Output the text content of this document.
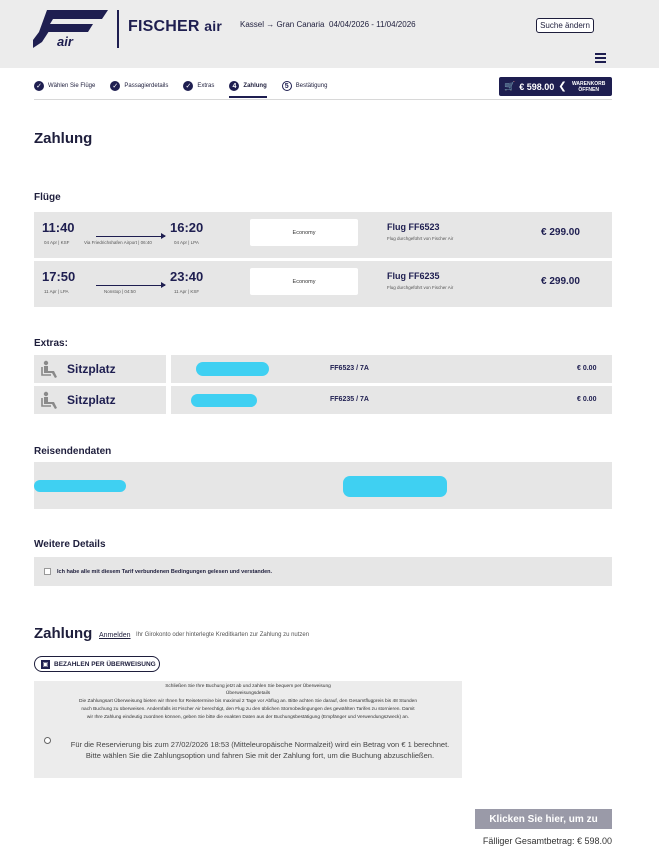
air
FISCHER air Kassel → Gran Canaria 04/04/2026 - 11/04/2026	Suche ändern
✓	Wählen Sie Flüge ✓	Passagierdetails ✓	Extras	4	Zahlung	5	Bestätigung	🛒 € 598.00 ❮	WARENKORB
ÖFFNEN
Zahlung
Flüge
11:40
04 Apr | KSF	Via Friedrichshafen Airport | 06:40
16:20
04 Apr | LPA
Economy
Flug FF6523
Flug durchgeführt von Fischer Air
€ 299.00
17:50
11 Apr | LPA	Nonstop | 04:50
23:40
11 Apr | KSF
Economy
Flug FF6235
Flug durchgeführt von Fischer Air
€ 299.00
Extras:
Sitzplatz	FF6523 / 7A	€ 0.00
Sitzplatz	FF6235 / 7A	€ 0.00
Reisendendaten
Weitere Details
Ich habe alle mit diesem Tarif verbundenen Bedingungen gelesen und verstanden.
Zahlung Anmelden Ihr Girokonto oder hinterlegte Kreditkarten zur Zahlung zu nutzen
▣ BEZAHLEN PER ÜBERWEISUNG
Schließen Sie Ihre Buchung jetzt ab und zahlen Sie bequem per Überweisung
Überweisungsdetails
Die Zahlungsart Überweisung bieten wir Ihnen für Reisetermine bis maximal 2 Tage vor Abflug an. Bitte achten Sie darauf, den Gesamtflugpreis bis 48 Stunden
nach Buchung zu überweisen. Andernfalls ist Fischer Air berechtigt, den Flug zu den üblichen Stornobedingungen des gewählten Tarifes zu stornieren. Damit
wir Ihre Zahlung eindeutig zuordnen können, geben Sie bitte die exakten Daten aus der Buchungsbestätigung (Empfänger und Verwendungszweck) an.
Für die Reservierung bis zum 27/02/2026 18:53 (Mitteleuropäische Normalzeit) wird ein Betrag von € 1 berechnet. Bitte wählen Sie die Zahlungsoption und fahren Sie mit der Zahlung fort, um die Buchung abzuschließen.
Klicken Sie hier, um zu
Fälliger Gesamtbetrag: € 598.00
